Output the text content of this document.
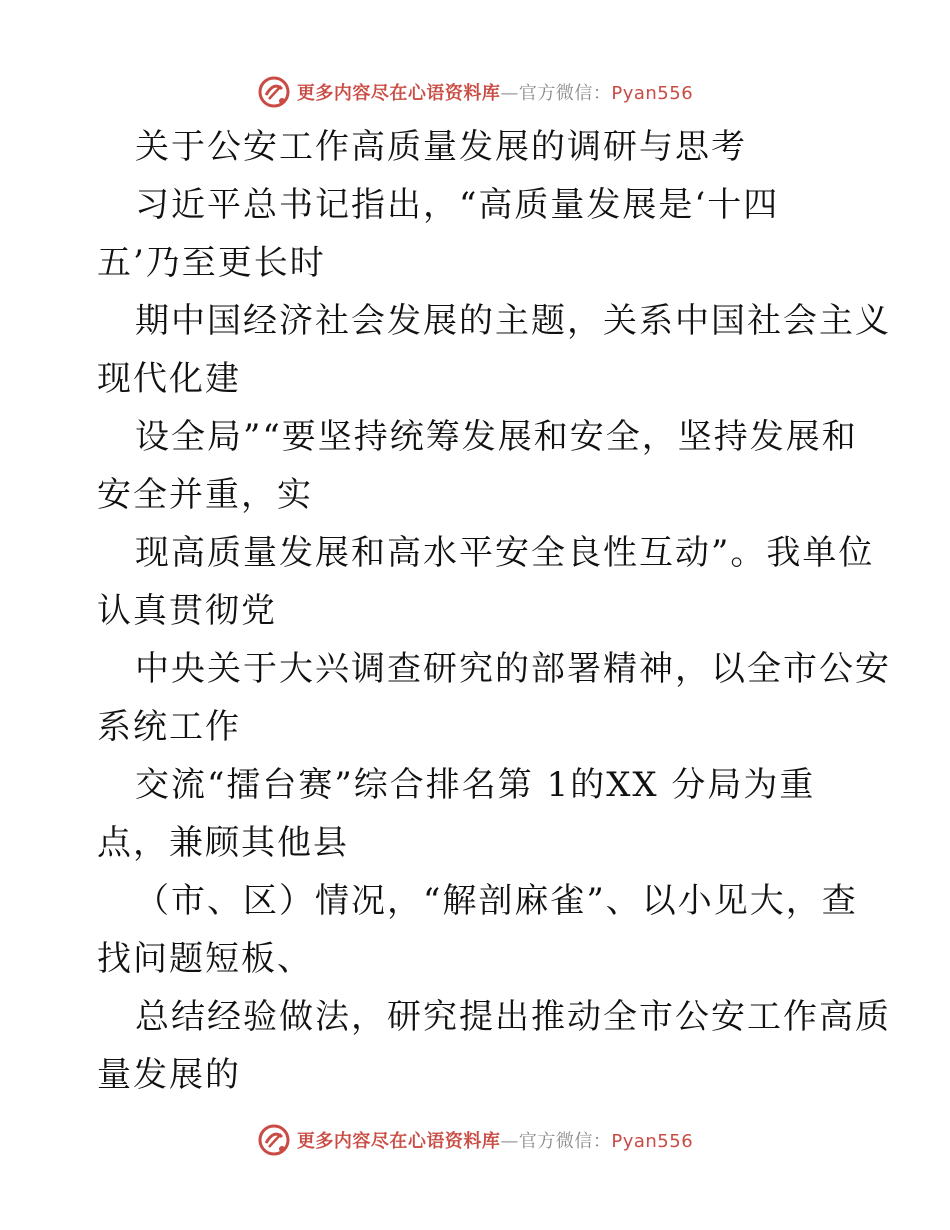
更多内容尽在心语资料库—官方微信：Pyan556
关于公安工作高质量发展的调研与思考
习近平总书记指出，“高质量发展是‘十四
五’乃至更长时
期中国经济社会发展的主题，关系中国社会主义
现代化建
设全局”“要坚持统筹发展和安全，坚持发展和
安全并重，实
现高质量发展和高水平安全良性互动”。我单位
认真贯彻党
中央关于大兴调查研究的部署精神，以全市公安
系统工作
交流“擂台赛”综合排名第 1的XX 分局为重
点，兼顾其他县
（市、区）情况，“解剖麻雀”、以小见大，查
找问题短板、
总结经验做法，研究提出推动全市公安工作高质
量发展的
更多内容尽在心语资料库—官方微信：Pyan556
